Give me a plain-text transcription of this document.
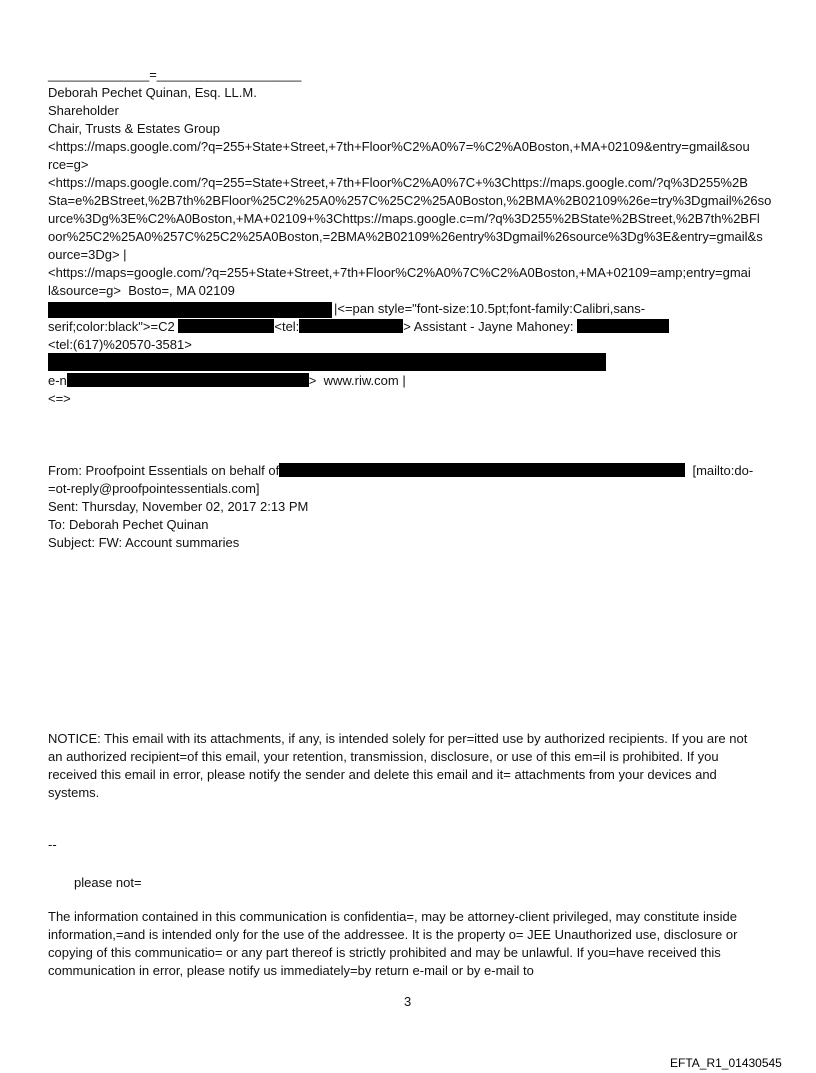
______________=____________________
Deborah Pechet Quinan, Esq. LL.M.
Shareholder
Chair, Trusts & Estates Group
<https://maps.google.com/?q=255+State+Street,+7th+Floor%C2%A0%7=%C2%A0Boston,+MA+02109&entry=gmail&sou
rce=g>
<https://maps.google.com/?q=255=State+Street,+7th+Floor%C2%A0%7C+%3Chttps://maps.google.com/?q%3D255%2B
Sta=e%2BStreet,%2B7th%2BFloor%25C2%25A0%257C%25C2%25A0Boston,%2BMA%2B02109%26e=try%3Dgmail%26so
urce%3Dg%3E%C2%A0Boston,+MA+02109+%3Chttps://maps.google.c=m/?q%3D255%2BState%2BStreet,%2B7th%2BFl
oor%25C2%25A0%257C%25C2%25A0Boston,=2BMA%2B02109%26entry%3Dgmail%26source%3Dg%3E&entry=gmail&s
ource=3Dg> |
<https://maps=google.com/?q=255+State+Street,+7th+Floor%C2%A0%7C%C2%A0Boston,+MA+02109=amp;entry=gmai
l&source=g>  Bosto=, MA 02109
|<=pan style="font-size:10.5pt;font-family:Calibri,sans-
serif;color:black">=C2	<tel:	> Assistant - Jayne Mahoney:
<tel:(617)%20570-3581>
e-n	>  www.riw.com |
<=>
From: Proofpoint Essentials on behalf of	[mailto:do-
=ot-reply@proofpointessentials.com]
Sent: Thursday, November 02, 2017 2:13 PM
To: Deborah Pechet Quinan
Subject: FW: Account summaries
NOTICE: This email with its attachments, if any, is intended solely for per=itted use by authorized recipients. If you are not an authorized recipient=of this email, your retention, transmission, disclosure, or use of this em=il is prohibited. If you received this email in error, please notify the sender and delete this email and it= attachments from your devices and systems.
--
please not=
The information contained in this communication is confidentia=, may be attorney-client privileged, may constitute inside information,=and is intended only for the use of the addressee. It is the property o= JEE Unauthorized use, disclosure or copying of this communicatio= or any part thereof is strictly prohibited and may be unlawful. If you=have received this communication in error, please notify us immediately=by return e-mail or by e-mail to
3
EFTA_R1_01430545
